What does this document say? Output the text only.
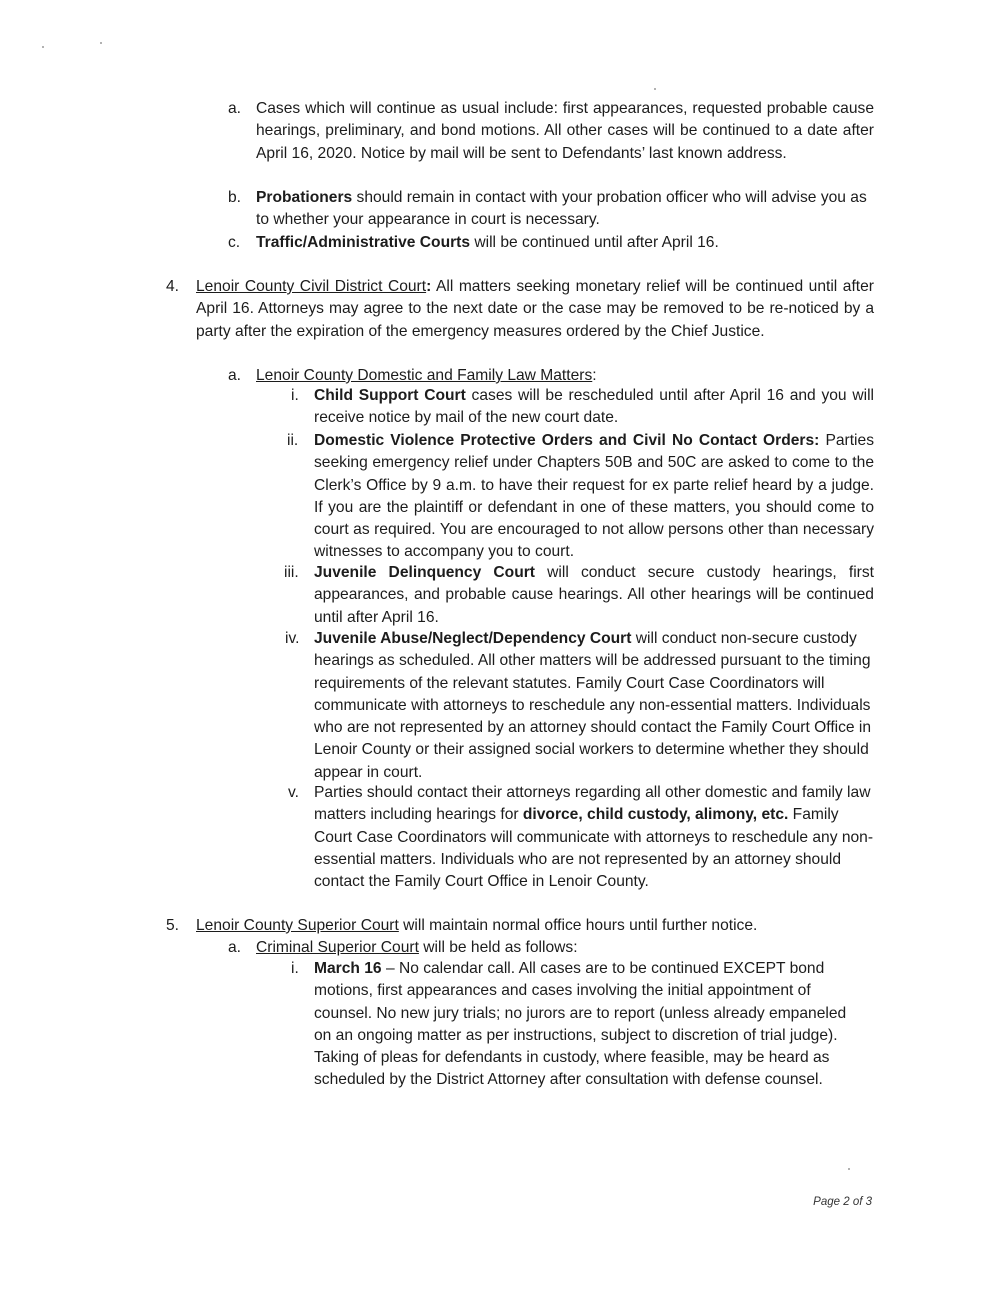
a. Cases which will continue as usual include: first appearances, requested probable cause hearings, preliminary, and bond motions. All other cases will be continued to a date after April 16, 2020. Notice by mail will be sent to Defendants’ last known address.
b. Probationers should remain in contact with your probation officer who will advise you as to whether your appearance in court is necessary.
c. Traffic/Administrative Courts will be continued until after April 16.
4. Lenoir County Civil District Court: All matters seeking monetary relief will be continued until after April 16. Attorneys may agree to the next date or the case may be removed to be re-noticed by a party after the expiration of the emergency measures ordered by the Chief Justice.
a. Lenoir County Domestic and Family Law Matters:
i. Child Support Court cases will be rescheduled until after April 16 and you will receive notice by mail of the new court date.
ii. Domestic Violence Protective Orders and Civil No Contact Orders: Parties seeking emergency relief under Chapters 50B and 50C are asked to come to the Clerk’s Office by 9 a.m. to have their request for ex parte relief heard by a judge. If you are the plaintiff or defendant in one of these matters, you should come to court as required. You are encouraged to not allow persons other than necessary witnesses to accompany you to court.
iii. Juvenile Delinquency Court will conduct secure custody hearings, first appearances, and probable cause hearings. All other hearings will be continued until after April 16.
iv. Juvenile Abuse/Neglect/Dependency Court will conduct non-secure custody hearings as scheduled. All other matters will be addressed pursuant to the timing requirements of the relevant statutes. Family Court Case Coordinators will communicate with attorneys to reschedule any non-essential matters. Individuals who are not represented by an attorney should contact the Family Court Office in Lenoir County or their assigned social workers to determine whether they should appear in court.
v. Parties should contact their attorneys regarding all other domestic and family law matters including hearings for divorce, child custody, alimony, etc. Family Court Case Coordinators will communicate with attorneys to reschedule any non-essential matters. Individuals who are not represented by an attorney should contact the Family Court Office in Lenoir County.
5. Lenoir County Superior Court will maintain normal office hours until further notice.
a. Criminal Superior Court will be held as follows:
i. March 16 – No calendar call. All cases are to be continued EXCEPT bond motions, first appearances and cases involving the initial appointment of counsel. No new jury trials; no jurors are to report (unless already empaneled on an ongoing matter as per instructions, subject to discretion of trial judge). Taking of pleas for defendants in custody, where feasible, may be heard as scheduled by the District Attorney after consultation with defense counsel.
Page 2 of 3
